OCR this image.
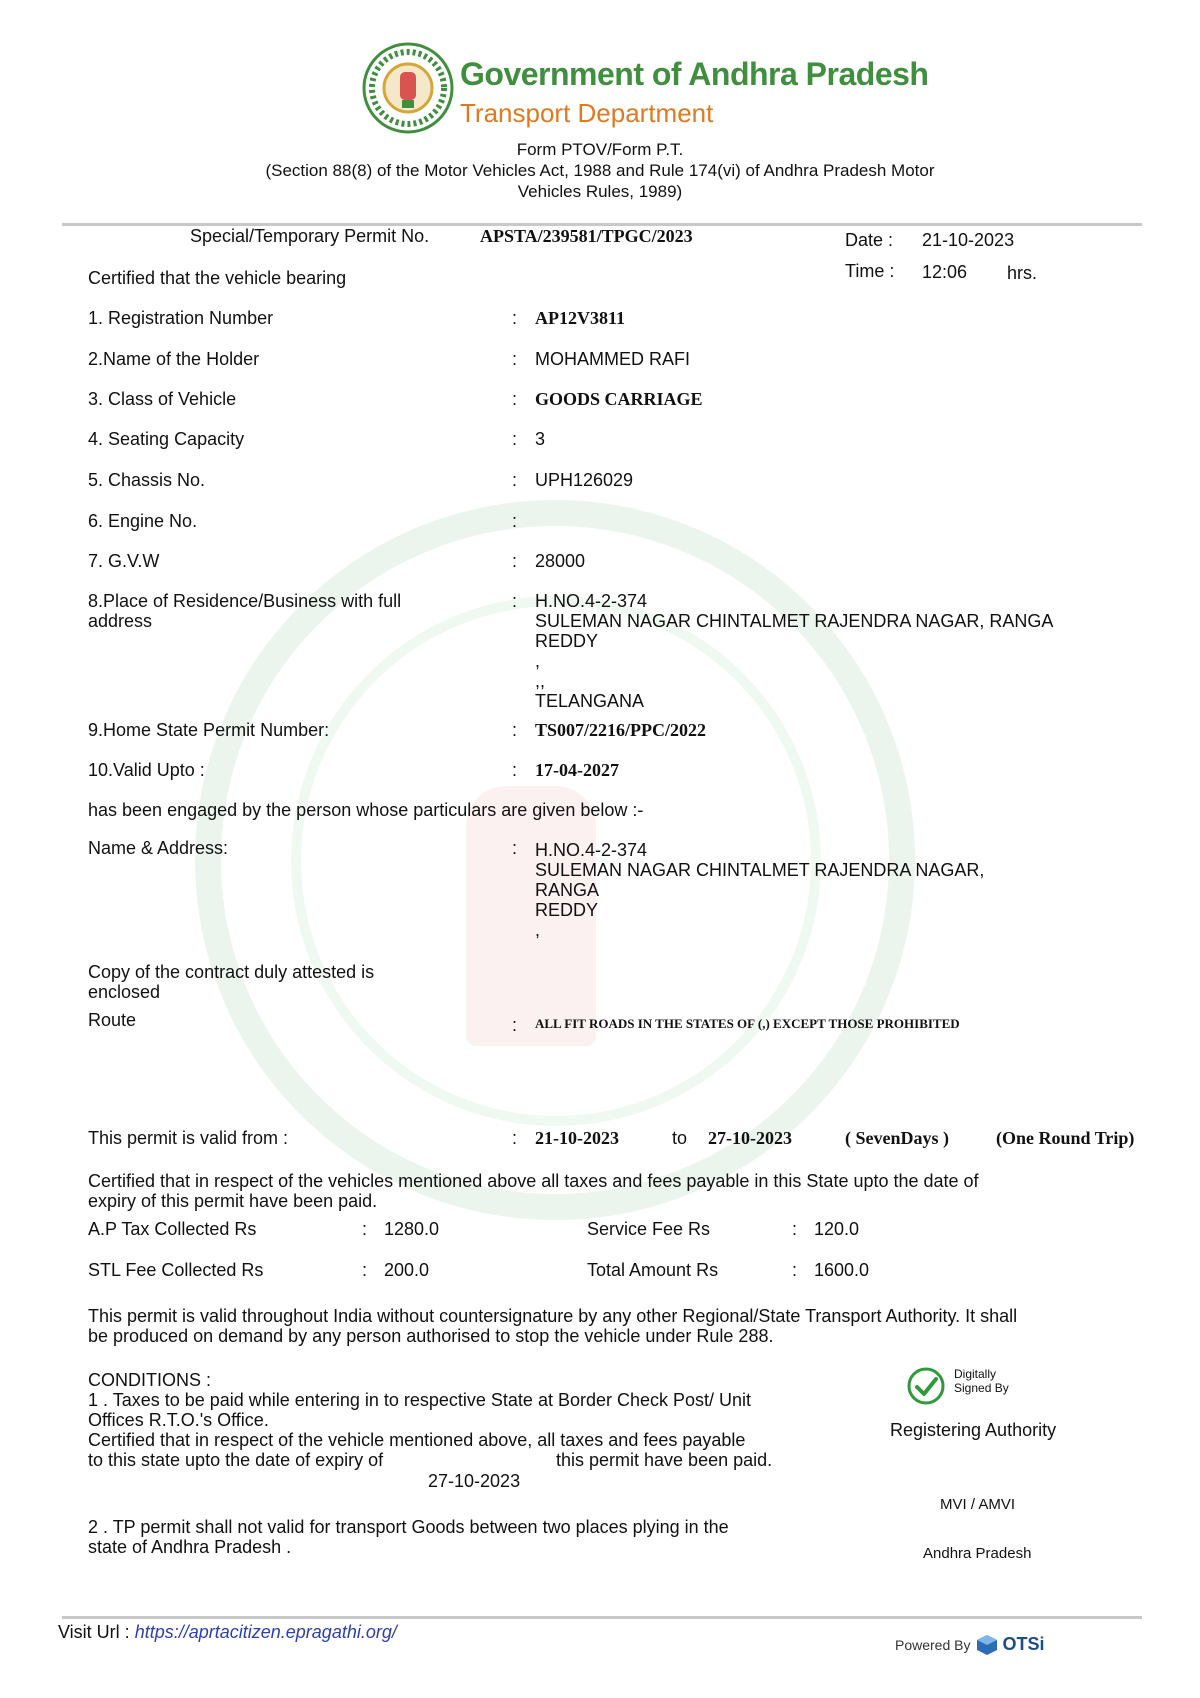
Government of Andhra Pradesh
Transport Department
Form PTOV/Form P.T.
(Section 88(8) of the Motor Vehicles Act, 1988 and Rule 174(vi) of Andhra Pradesh Motor
Vehicles Rules, 1989)
Special/Temporary Permit No.	APSTA/239581/TPGC/2023	Date : 21-10-2023
Time : 12:06 hrs.
Certified that the vehicle bearing
1. Registration Number	: AP12V3811
2.Name of the Holder	: MOHAMMED RAFI
3. Class of Vehicle	: GOODS CARRIAGE
4. Seating Capacity	: 3
5. Chassis No.	: UPH126029
6. Engine No.	:
7. G.V.W	: 28000
8.Place of Residence/Business with full
address
: H.NO.4-2-374
SULEMAN NAGAR CHINTALMET RAJENDRA NAGAR, RANGA
REDDY
,
,,
TELANGANA
9.Home State Permit Number:	: TS007/2216/PPC/2022
10.Valid Upto :	: 17-04-2027
has been engaged by the person whose particulars are given below :-
Name & Address:	: H.NO.4-2-374
SULEMAN NAGAR CHINTALMET RAJENDRA NAGAR,
RANGA
REDDY
,
Copy of the contract duly attested is
enclosed
Route	: ALL FIT ROADS IN THE STATES OF (,) EXCEPT THOSE PROHIBITED
This permit is valid from :	: 21-10-2023	to 27-10-2023	( SevenDays )	(One Round Trip)
Certified that in respect of the vehicles mentioned above all taxes and fees payable in this State upto the date of
expiry of this permit have been paid.
A.P Tax Collected Rs	: 1280.0	Service Fee Rs	: 120.0
STL Fee Collected Rs	: 200.0	Total Amount Rs	: 1600.0
This permit is valid throughout India without countersignature by any other Regional/State Transport Authority. It shall
be produced on demand by any person authorised to stop the vehicle under Rule 288.
CONDITIONS :
1 . Taxes to be paid while entering in to respective State at Border Check Post/ Unit
Offices R.T.O.'s Office.
Certified that in respect of the vehicle mentioned above, all taxes and fees payable
to this state upto the date of expiry of	this permit have been paid.
27-10-2023
2 . TP permit shall not valid for transport Goods between two places plying in the
state of Andhra Pradesh .
Digitally
Signed By
Registering Authority
MVI / AMVI
Andhra Pradesh
Visit Url : https://aprtacitizen.epragathi.org/
Powered By OTSi
